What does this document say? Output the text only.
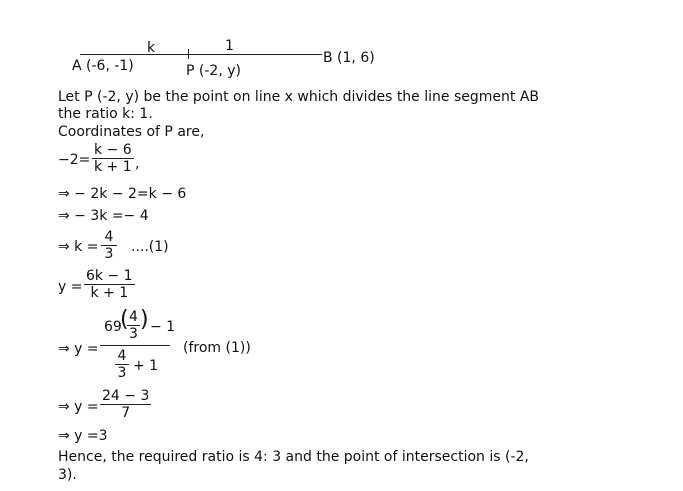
k	1
A (-6, -1)	P (-2, y)
B (1, 6)
Let P (-2, y) be the point on line x which divides the line segment AB
the ratio k: 1.
Coordinates of P are,
−2=
k − 6
k + 1 ,
⇒ − 2k − 2=k − 6
⇒ − 3k =− 4
⇒ k =
4
3 ....(1)
y =
6k − 1
k + 1
⇒ y =
69
( 4
3
) − 1
4
3 + 1
(from (1))
⇒ y =
24 − 3
7
⇒ y =3
Hence, the required ratio is 4: 3 and the point of intersection is (-2,
3).
